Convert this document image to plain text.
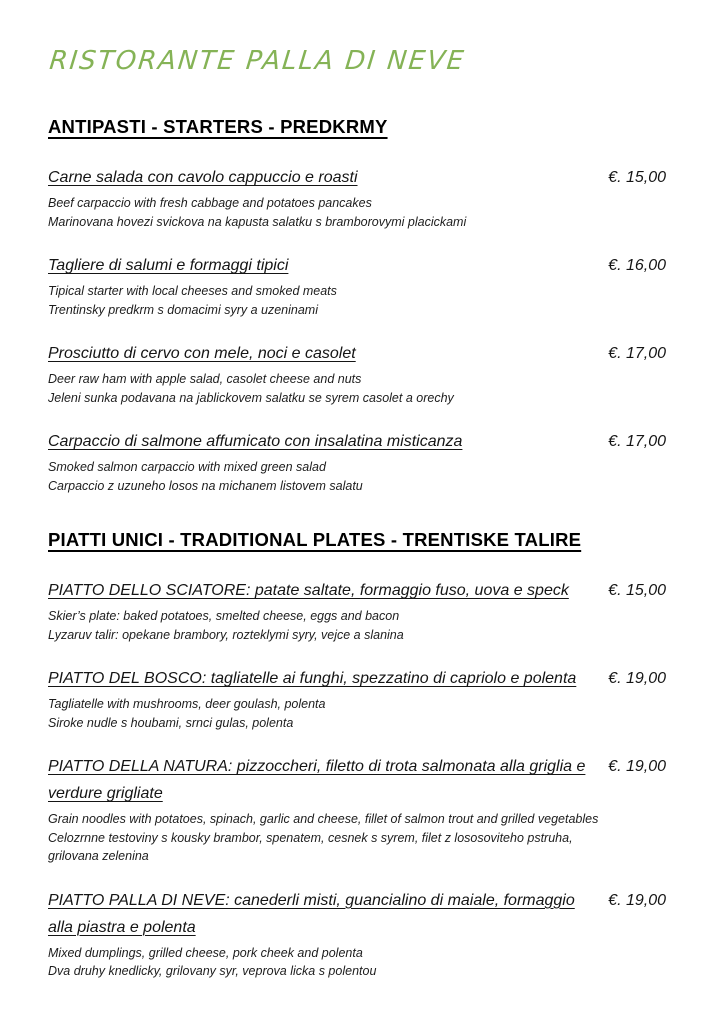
RISTORANTE PALLA DI NEVE
ANTIPASTI - STARTERS - PREDKRMY
Carne salada con cavolo cappuccio e roasti

Beef carpaccio with fresh cabbage and potatoes pancakes

Marinovana hovezi svickova na kapusta salatku s bramborovymi placickami

€. 15,00
Tagliere di salumi e formaggi tipici

Tipical starter with local cheeses and smoked meats

Trentinsky predkrm s domacimi syry a uzeninami

€. 16,00
Prosciutto di cervo con mele, noci e casolet

Deer raw ham with apple salad, casolet cheese and nuts

Jeleni sunka podavana na jablickovem salatku se syrem casolet a orechy

€. 17,00
Carpaccio di salmone affumicato con insalatina misticanza

Smoked salmon carpaccio with mixed green salad

Carpaccio z uzuneho losos na michanem listovem salatu

€. 17,00
PIATTI UNICI - TRADITIONAL PLATES - TRENTISKE TALIRE
PIATTO DELLO SCIATORE: patate saltate, formaggio fuso, uova e speck

Skier’s plate: baked potatoes, smelted cheese, eggs and bacon

Lyzaruv talir: opekane brambory, rozteklymi syry, vejce a slanina

€. 15,00
PIATTO DEL BOSCO: tagliatelle ai funghi, spezzatino di capriolo e polenta

Tagliatelle with mushrooms, deer goulash, polenta

Siroke nudle s houbami, srnci gulas, polenta

€. 19,00
PIATTO DELLA NATURA: pizzoccheri, filetto di trota salmonata alla griglia e verdure grigliate

Grain noodles with potatoes, spinach, garlic and cheese, fillet of salmon trout and grilled vegetables

Celozrnne testoviny s kousky brambor, spenatem, cesnek s syrem, filet z lososoviteho pstruha, grilovana zelenina

€. 19,00
PIATTO PALLA DI NEVE: canederli misti, guancialino di maiale, formaggio alla piastra e polenta

Mixed dumplings, grilled cheese, pork cheek and polenta

Dva druhy knedlicky, grilovany syr, veprova licka s polentou

€. 19,00
